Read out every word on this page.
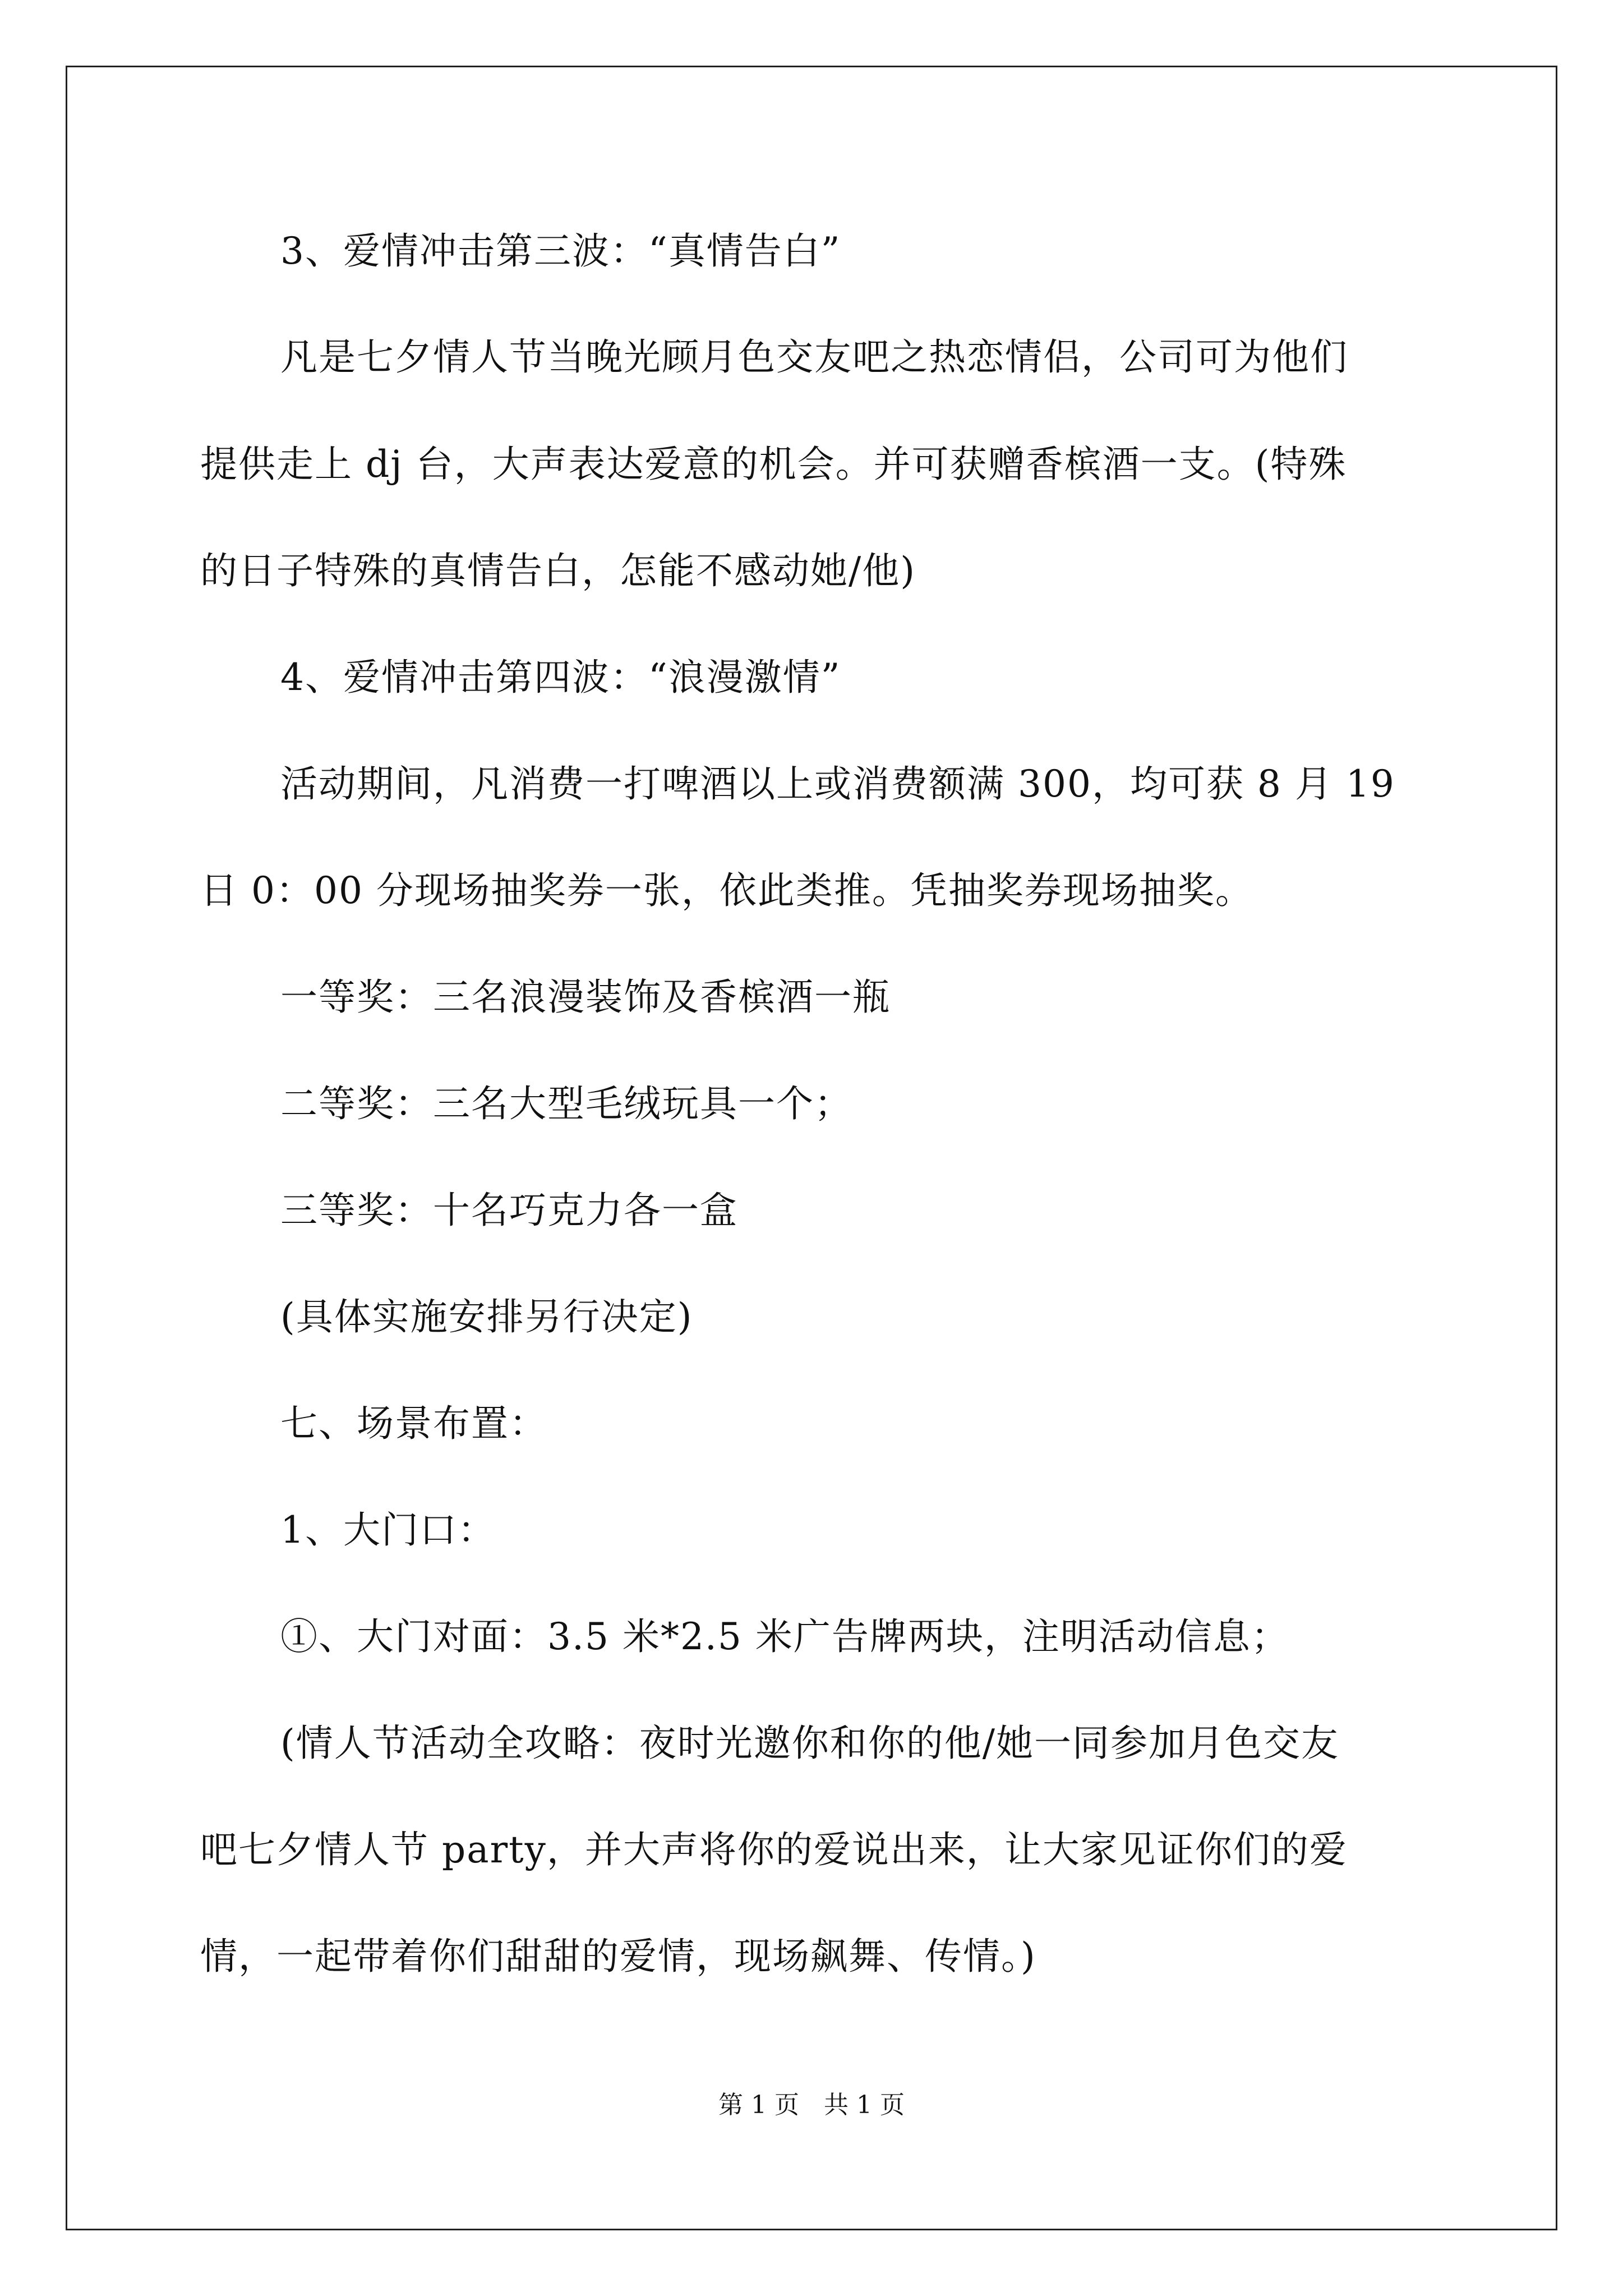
3、爱情冲击第三波：“真情告白”
凡是七夕情人节当晚光顾月色交友吧之热恋情侣，公司可为他们
提供走上 dj 台，大声表达爱意的机会。并可获赠香槟酒一支。(特殊
的日子特殊的真情告白，怎能不感动她/他)
4、爱情冲击第四波：“浪漫激情”
活动期间，凡消费一打啤酒以上或消费额满 300，均可获 8 月 19
日 0：00 分现场抽奖券一张，依此类推。凭抽奖券现场抽奖。
一等奖：三名浪漫装饰及香槟酒一瓶
二等奖：三名大型毛绒玩具一个；
三等奖：十名巧克力各一盒
(具体实施安排另行决定)
七、场景布置：
1、大门口：
①、大门对面：3.5 米*2.5 米广告牌两块，注明活动信息；
(情人节活动全攻略：夜时光邀你和你的他/她一同参加月色交友
吧七夕情人节 party，并大声将你的爱说出来，让大家见证你们的爱
情，一起带着你们甜甜的爱情，现场飙舞、传情。)
第 1 页　共 1 页
